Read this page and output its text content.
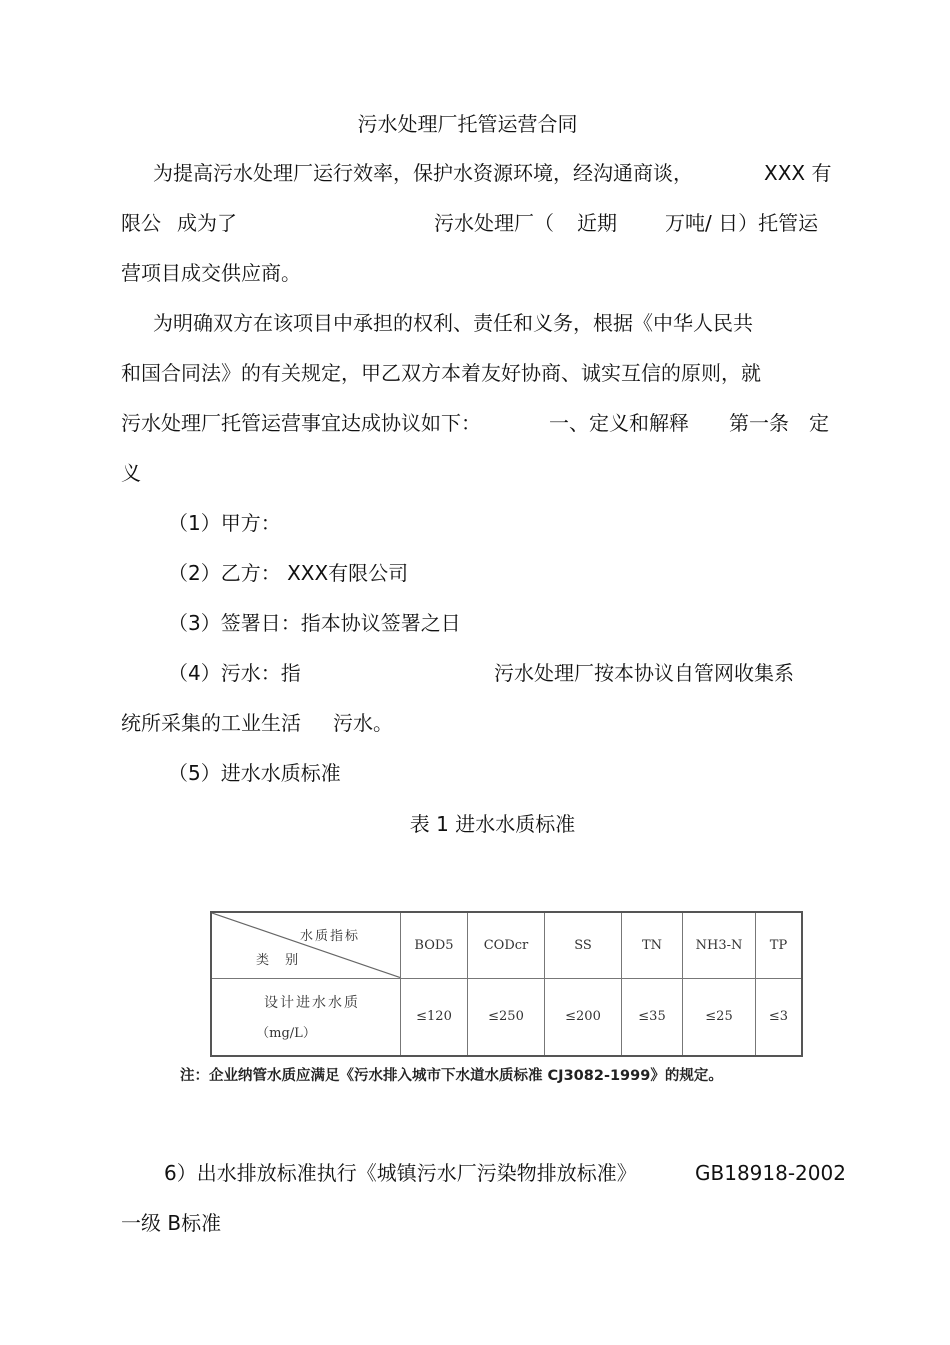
污水处理厂托管运营合同
为提高污水处理厂运行效率，保护水资源环境，经沟通商谈，	XXX 有
限公 成为了	污水处理厂（ 近期 万吨/ 日）托管运
营项目成交供应商。
为明确双方在该项目中承担的权利、责任和义务，根据《中华人民共
和国合同法》的有关规定，甲乙双方本着友好协商、诚实互信的原则，就
污水处理厂托管运营事宜达成协议如下：	一、定义和解释 第一条 定
义
（1）甲方：
（2）乙方： XXX有限公司
（3）签署日：指本协议签署之日
（4）污水：指	污水处理厂按本协议自管网收集系
统所采集的工业生活 污水。
（5）进水水质标准
表 1 进水水质标准
水质指标
类 别	BOD5	CODcr	SS	TN	NH3-N	TP

设计进水水质
（mg/L）	≤120	≤250	≤200	≤35	≤25	≤3
注：企业纳管水质应满足《污水排入城市下水道水质标准 CJ3082-1999》的规定。
6）出水排放标准执行《城镇污水厂污染物排放标准》	GB18918-2002
一级 B标准
